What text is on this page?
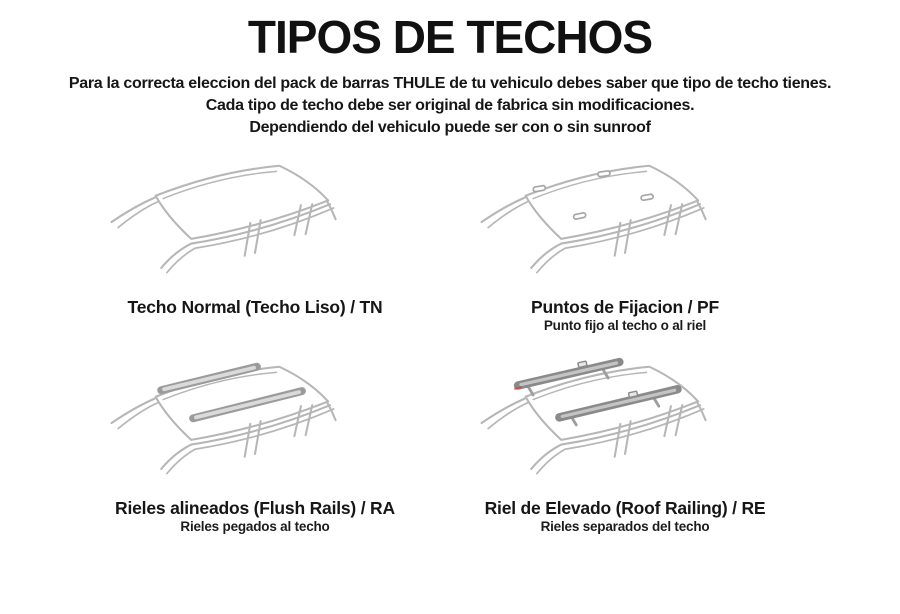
TIPOS DE TECHOS

Para la correcta eleccion del pack de barras THULE de tu vehiculo debes saber que tipo de techo tienes.

Cada tipo de techo debe ser original de fabrica sin modificaciones.

Dependiendo del vehiculo puede ser con o sin sunroof

Techo Normal (Techo Liso) / TN	Puntos de Fijacion / PF
Punto fijo al techo o al riel
Rieles alineados (Flush Rails) / RA
Rieles pegados al techo
Riel de Elevado (Roof Railing) / RE
Rieles separados del techo
